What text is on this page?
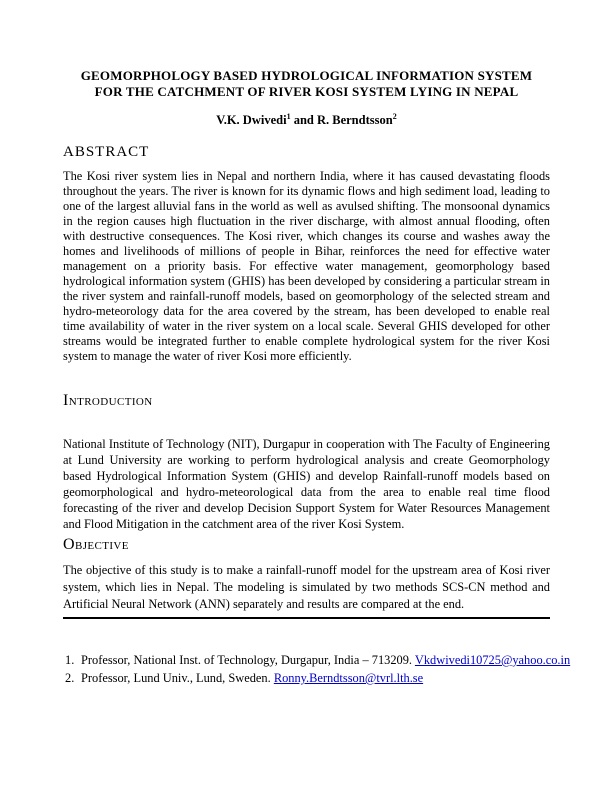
GEOMORPHOLOGY BASED HYDROLOGICAL INFORMATION SYSTEM FOR THE CATCHMENT OF RIVER KOSI SYSTEM LYING IN NEPAL
V.K. Dwivedi$^1$ and R. Berndtsson$^2$
ABSTRACT

The Kosi river system lies in Nepal and northern India, where it has caused devastating floods throughout the years. The river is known for its dynamic flows and high sediment load, leading to one of the largest alluvial fans in the world as well as avulsed shifting. The monsoonal dynamics in the region causes high fluctuation in the river discharge, with almost annual flooding, often with destructive consequences. The Kosi river, which changes its course and washes away the homes and livelihoods of millions of people in Bihar, reinforces the need for effective water management on a priority basis. For effective water management, geomorphology based hydrological information system (GHIS) has been developed by considering a particular stream in the river system and rainfall-runoff models, based on geomorphology of the selected stream and hydro-meteorology data for the area covered by the stream, has been developed to enable real time availability of water in the river system on a local scale. Several GHIS developed for other streams would be integrated further to enable complete hydrological system for the river Kosi system to manage the water of river Kosi more efficiently.

Introduction

National Institute of Technology (NIT), Durgapur in cooperation with The Faculty of Engineering at Lund University are working to perform hydrological analysis and create Geomorphology based Hydrological Information System (GHIS) and develop Rainfall-runoff models based on geomorphological and hydro-meteorological data from the area to enable real time flood forecasting of the river and develop Decision Support System for Water Resources Management and Flood Mitigation in the catchment area of the river Kosi System.

Objective

The objective of this study is to make a rainfall-runoff model for the upstream area of Kosi river system, which lies in Nepal. The modeling is simulated by two methods SCS-CN method and Artificial Neural Network (ANN) separately and results are compared at the end.

1. Professor, National Inst. of Technology, Durgapur, India – 713209. Vkdwivedi10725@yahoo.co.in
2. Professor, Lund Univ., Lund, Sweden. Ronny.Berndtsson@tvrl.lth.se
